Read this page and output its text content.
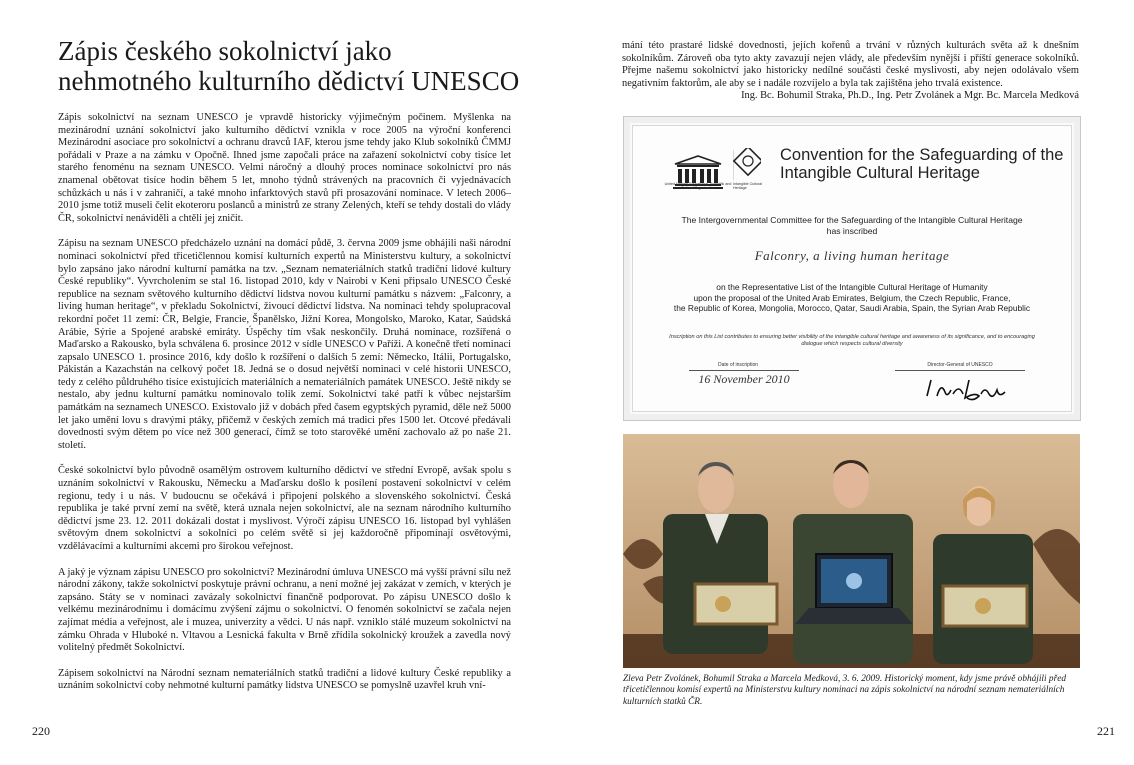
Zápis českého sokolnictví jako nehmotného kulturního dědictví UNESCO

Zápis sokolnictví na seznam UNESCO je vpravdě historicky výjimečným počinem. Myšlenka na mezinárodní uznání sokolnictví jako kulturního dědictví vznikla v roce 2005 na výroční konferenci Mezinárodní asociace pro sokolnictví a ochranu dravců IAF, kterou jsme tehdy jako Klub sokolníků ČMMJ pořádali v Praze a na zámku v Opočně. Ihned jsme započali práce na zařazení sokolnictví coby tisíce let starého fenoménu na seznam UNESCO. Velmi náročný a dlouhý proces nominace sokolnictví pro nás znamenal obětovat tisíce hodin během 5 let, mnoho týdnů strávených na pracovních či vyjednávacích schůzkách u nás i v zahraničí, a také mnoho infarktových stavů při prosazování nominace. V letech 2006–2010 jsme totiž museli čelit ekoteroru poslanců a ministrů ze strany Zelených, kteří se tehdy dostali do vlády ČR, sokolnictví nenáviděli a chtěli jej zničit.

Zápisu na seznam UNESCO předcházelo uznání na domácí půdě, 3. června 2009 jsme obhájili naši národní nominaci sokolnictví před třicetičlennou komisí kulturních expertů na Ministerstvu kultury, a sokolnictví bylo zapsáno jako národní kulturní památka na tzv. „Seznam nemateriálních statků tradiční lidové kultury České republiky“. Vyvrcholením se stal 16. listopad 2010, kdy v Nairobi v Keni připsalo UNESCO České republice na seznam světového kulturního dědictví lidstva novou kulturní památku s názvem: „Falconry, a living human heritage“, v překladu Sokolnictví, živoucí dědictví lidstva. Na nominaci tehdy spolupracoval rekordní počet 11 zemí: ČR, Belgie, Francie, Španělsko, Jižní Korea, Mongolsko, Maroko, Katar, Saúdská Arábie, Sýrie a Spojené arabské emiráty. Úspěchy tím však neskončily. Druhá nominace, rozšířená o Maďarsko a Rakousko, byla schválena 6. prosince 2012 v sídle UNESCO v Paříži. A konečně třetí nominaci zapsalo UNESCO 1. prosince 2016, kdy došlo k rozšíření o dalších 5 zemí: Německo, Itálii, Portugalsko, Pákistán a Kazachstán na celkový počet 18. Jedná se o dosud největší nominaci v celé historii UNESCO, tedy z celého půldruhého tisíce existujících materiálních a nemateriálních památek UNESCO. Ještě nikdy se nestalo, aby jednu kulturní památku nominovalo tolik zemí. Sokolnictví také patří k vůbec nejstarším památkám na seznamech UNESCO. Existovalo již v dobách před časem egyptských pyramid, děle než 5000 let jako umění lovu s dravými ptáky, přičemž v českých zemích má tradici přes 1500 let. Otcové předávali dovednosti svým dětem po více než 300 generací, čímž se toto starověké umění zachovalo až po naše 21. století.

České sokolnictví bylo původně osamělým ostrovem kulturního dědictví ve střední Evropě, avšak spolu s uznáním sokolnictví v Rakousku, Německu a Maďarsku došlo k posílení postavení sokolnictví v celém regionu, tedy i u nás. V budoucnu se očekává i připojení polského a slovenského sokolnictví. Česká republika je také první zemí na světě, která uznala nejen sokolnictví, ale na seznam národního kulturního dědictví jsme 23. 12. 2011 dokázali dostat i myslivost. Výročí zápisu UNESCO 16. listopad byl vyhlášen světovým dnem sokolnictví a sokolníci po celém světě si jej každoročně připomínají osvětovými, vzdělávacími a kulturními akcemi pro širokou veřejnost.

A jaký je význam zápisu UNESCO pro sokolnictví? Mezinárodní úmluva UNESCO má vyšší právní sílu než národní zákony, takže sokolnictví poskytuje právní ochranu, a není možné jej zakázat v zemích, v kterých je zapsáno. Státy se v nominaci zavázaly sokolnictví finančně podporovat. Po zápisu UNESCO došlo k velkému mezinárodnímu i domácímu zvýšení zájmu o sokolnictví. O fenomén sokolnictví se začala nejen zajímat média a veřejnost, ale i muzea, univerzity a vědci. U nás např. vzniklo stálé muzeum sokolnictví na zámku Ohrada v Hluboké n. Vltavou a Lesnická fakulta v Brně zřídila sokolnický kroužek a zavedla nový volitelný předmět Sokolnictví.

Zápisem sokolnictví na Národní seznam nemateriálních statků tradiční a lidové kultury České republiky a uznáním sokolnictví coby nehmotné kulturní památky lidstva UNESCO se pomyslně uzavřel kruh vní-

220

mání této prastaré lidské dovednosti, jejích kořenů a trvání v různých kulturách světa až k dnešním sokolníkům. Zároveň oba tyto akty zavazují nejen vlády, ale především nynější i příští generace sokolníků. Přejme našemu sokolnictví jako historicky nedílné součásti české myslivosti, aby nejen odolávalo všem negativním faktorům, ale aby se i nadále rozvíjelo a byla tak zajištěna jeho trvalá existence.

Ing. Bc. Bohumil Straka, Ph.D., Ing. Petr Zvolánek a Mgr. Bc. Marcela Medková

United Nations Educational, Scientific and Cultural Organization
Intangible Cultural Heritage
Convention for the Safeguarding of the Intangible Cultural Heritage
The Intergovernmental Committee for the Safeguarding of the Intangible Cultural Heritage
has inscribed
Falconry, a living human heritage
on the Representative List of the Intangible Cultural Heritage of Humanity
upon the proposal of the United Arab Emirates, Belgium, the Czech Republic, France,
the Republic of Korea, Mongolia, Morocco, Qatar, Saudi Arabia, Spain, the Syrian Arab Republic
Inscription on this List contributes to ensuring better visibility of the intangible cultural heritage and awareness of its significance, and to encouraging dialogue which respects cultural diversity
Date of inscription
16 November 2010
Director-General of UNESCO
Zleva Petr Zvolánek, Bohumil Straka a Marcela Medková, 3. 6. 2009. Historický moment, kdy jsme právě obhájili před třicetičlennou komisí expertů na Ministerstvu kultury nominaci na zápis sokolnictví na národní seznam nemateriálních kulturních statků ČR.
221
